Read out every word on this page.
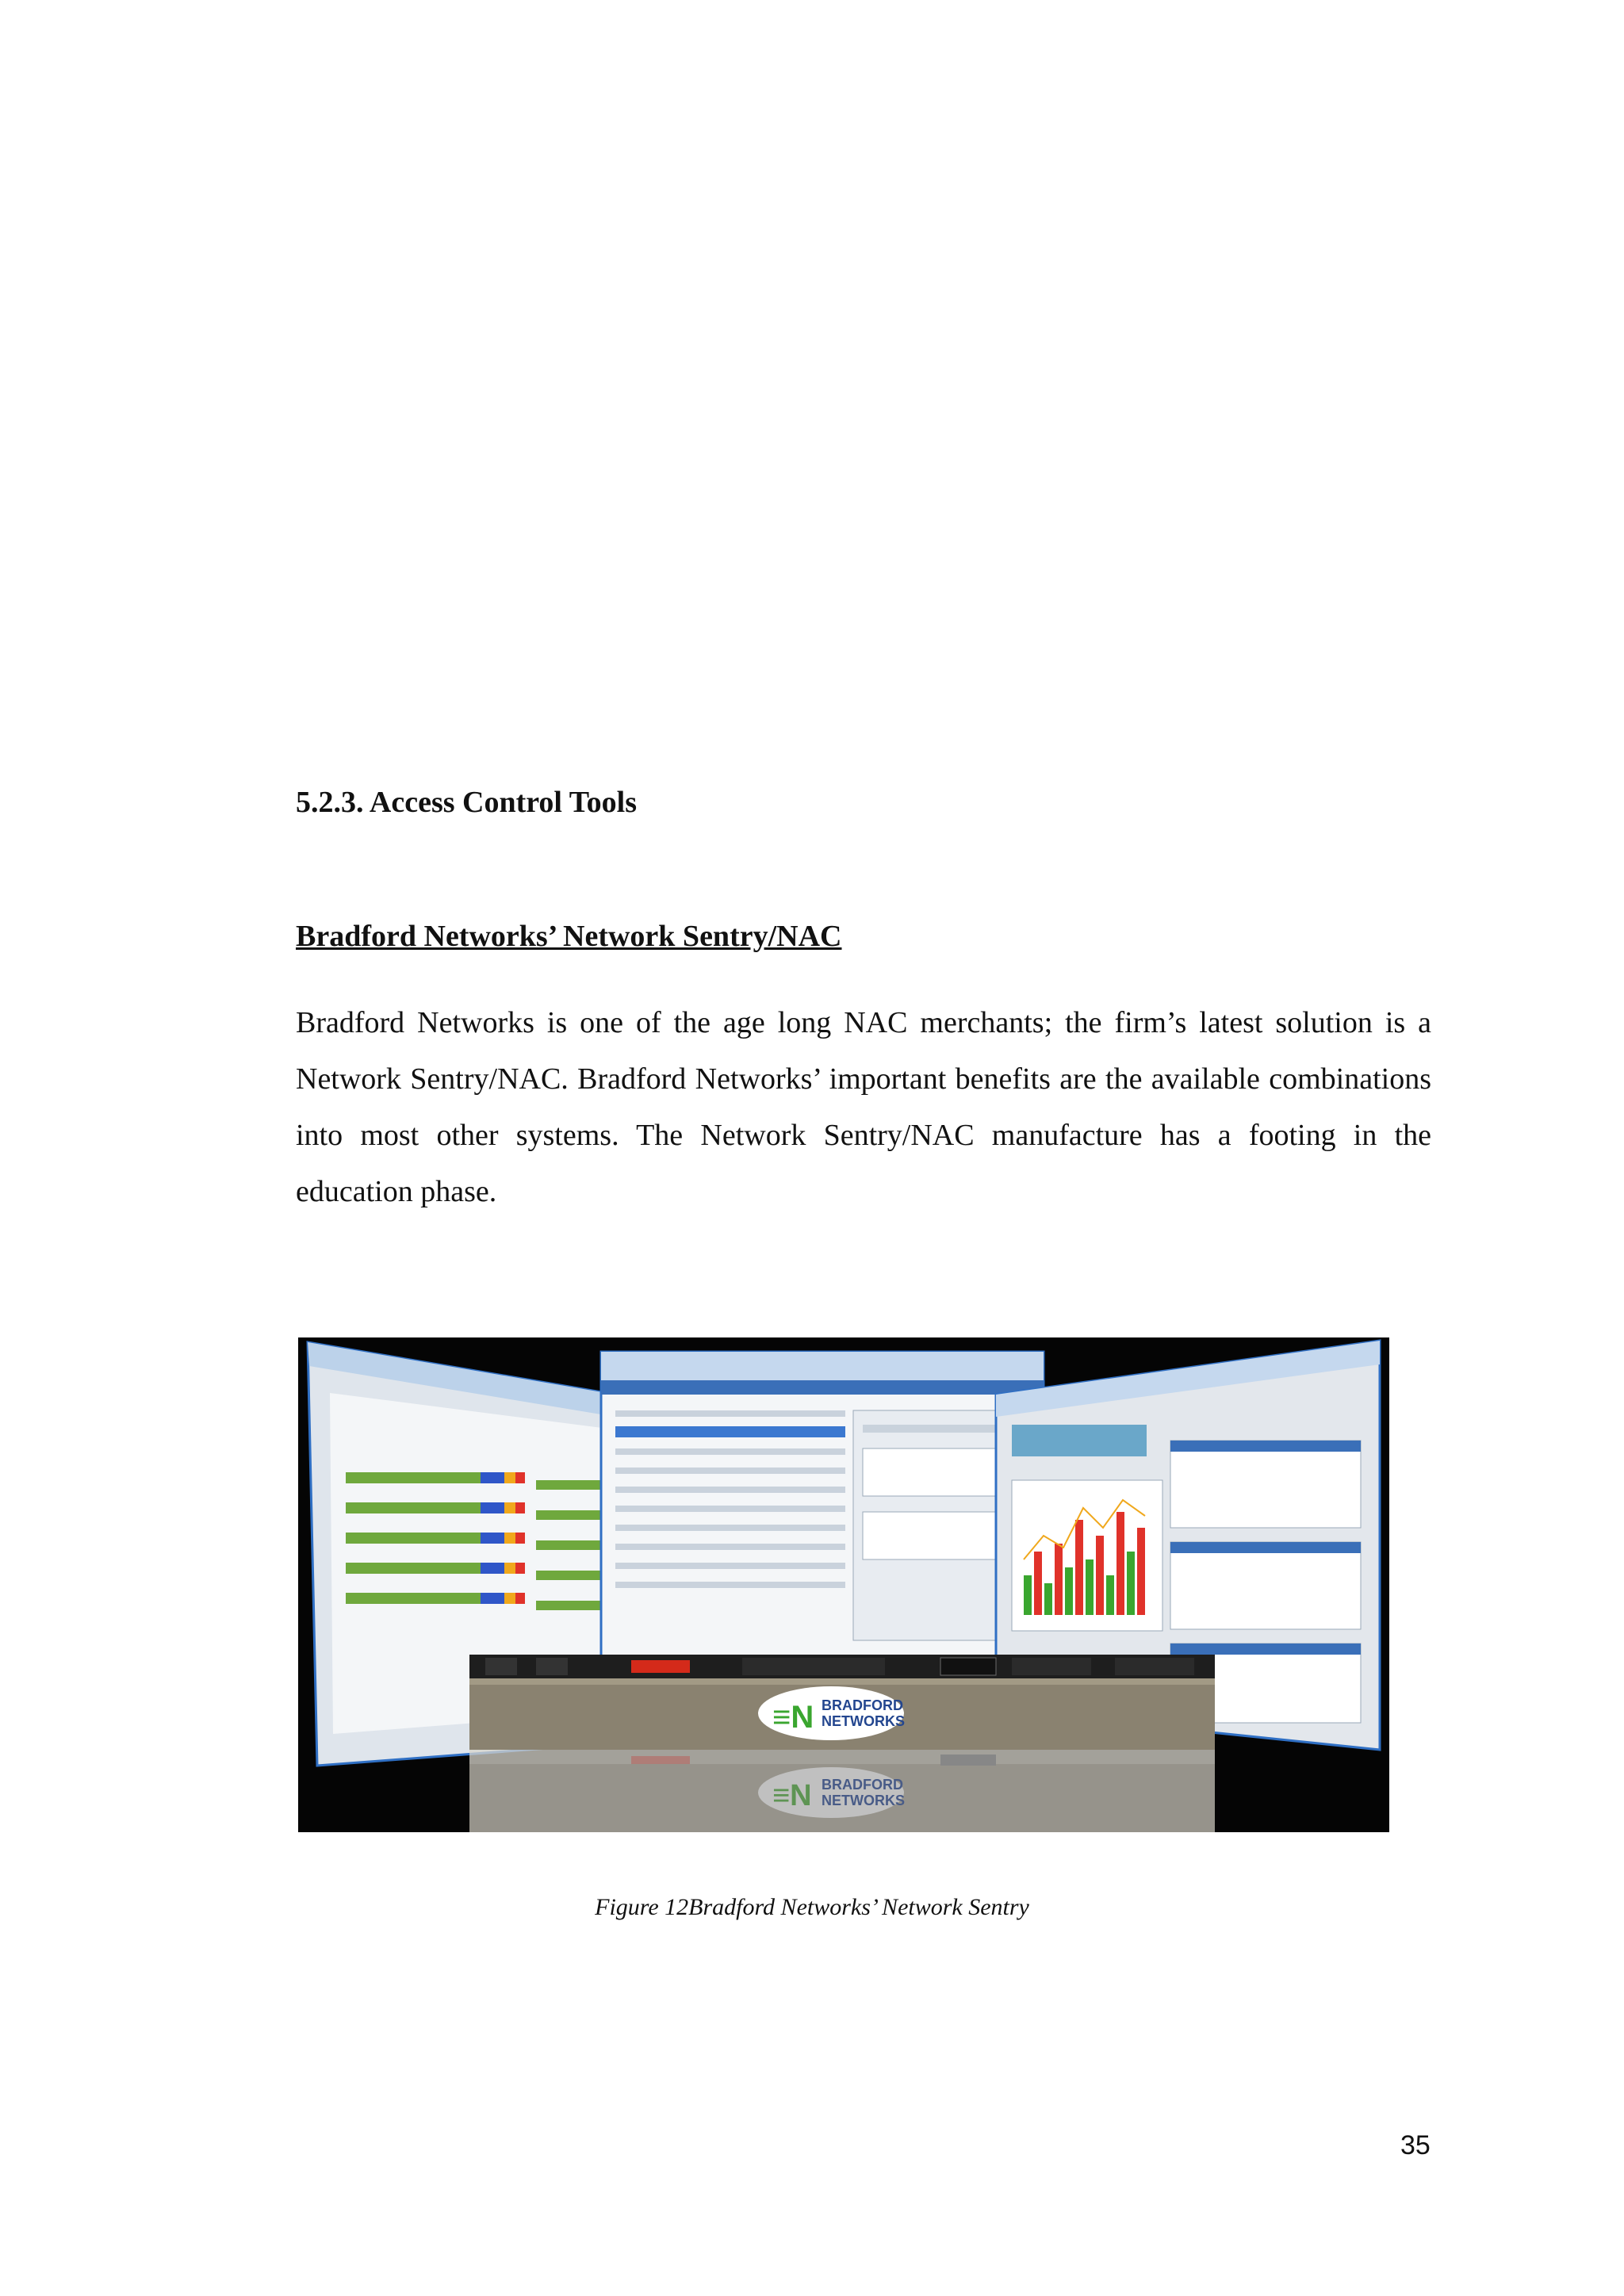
5.2.3. Access Control Tools
Bradford Networks’ Network Sentry/NAC

Bradford Networks is one of the age long NAC merchants; the firm’s latest solution is a Network Sentry/NAC. Bradford Networks’ important benefits are the available combinations into most other systems. The Network Sentry/NAC manufacture has a footing in the education phase.

≡N BRADFORD
NETWORKS
≡N BRADFORD
NETWORKS
Figure 12Bradford Networks’ Network Sentry
35
